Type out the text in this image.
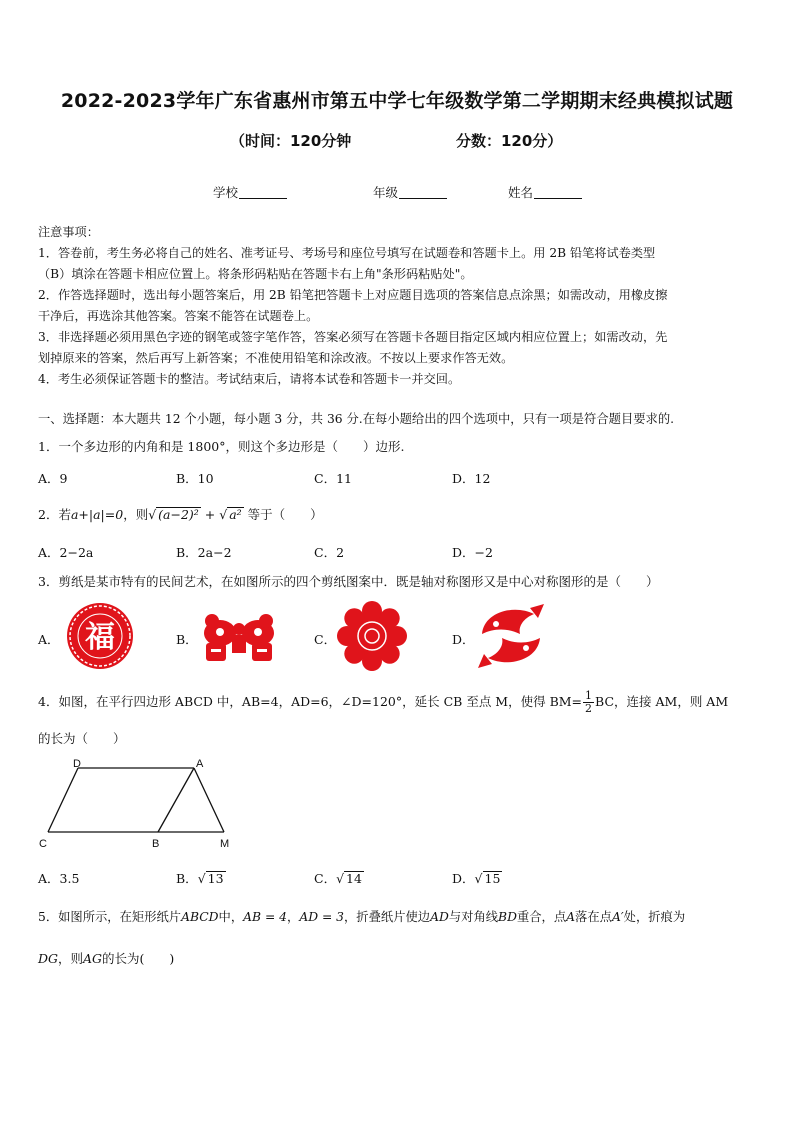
2022-2023学年广东省惠州市第五中学七年级数学第二学期期末经典模拟试题
（时间：120分钟	分数：120分）
学校	年级	姓名
注意事项：
1．答卷前，考生务必将自己的姓名、准考证号、考场号和座位号填写在试题卷和答题卡上。用 2B 铅笔将试卷类型
（B）填涂在答题卡相应位置上。将条形码粘贴在答题卡右上角"条形码粘贴处"。
2．作答选择题时，选出每小题答案后，用 2B 铅笔把答题卡上对应题目选项的答案信息点涂黑；如需改动，用橡皮擦
干净后，再选涂其他答案。答案不能答在试题卷上。
3．非选择题必须用黑色字迹的钢笔或签字笔作答，答案必须写在答题卡各题目指定区域内相应位置上；如需改动，先
划掉原来的答案，然后再写上新答案；不准使用铅笔和涂改液。不按以上要求作答无效。
4．考生必须保证答题卡的整洁。考试结束后，请将本试卷和答题卡一并交回。
一、选择题：本大题共 12 个小题，每小题 3 分，共 36 分.在每小题给出的四个选项中，只有一项是符合题目要求的.
1．一个多边形的内角和是 1800°，则这个多边形是（　　）边形.
A．9	B．10	C．11	D．12
2．若a+|a|=0，则√ (a−2)² + √ a² 等于（　　）
A．2−2a	B．2a−2	C．2	D．−2
3．剪纸是某市特有的民间艺术，在如图所示的四个剪纸图案中．既是轴对称图形又是中心对称图形的是（　　）
A． 福	B．	C．	D．
4．如图，在平行四边形 ABCD 中，AB=4，AD=6，∠D=120°，延长 CB 至点 M，使得 $BM= \frac{1}{2}$ BC，连接 AM，则 AM
的长为（　　）
D	A
C	B	M
A．3.5	B．√ 13	C．√ 14	D．√ 15
5．如图所示，在矩形纸片ABCD中，AB = 4，AD = 3，折叠纸片使边AD与对角线BD重合，点A落在点A′处，折痕为
DG，则AG的长为(　　)
